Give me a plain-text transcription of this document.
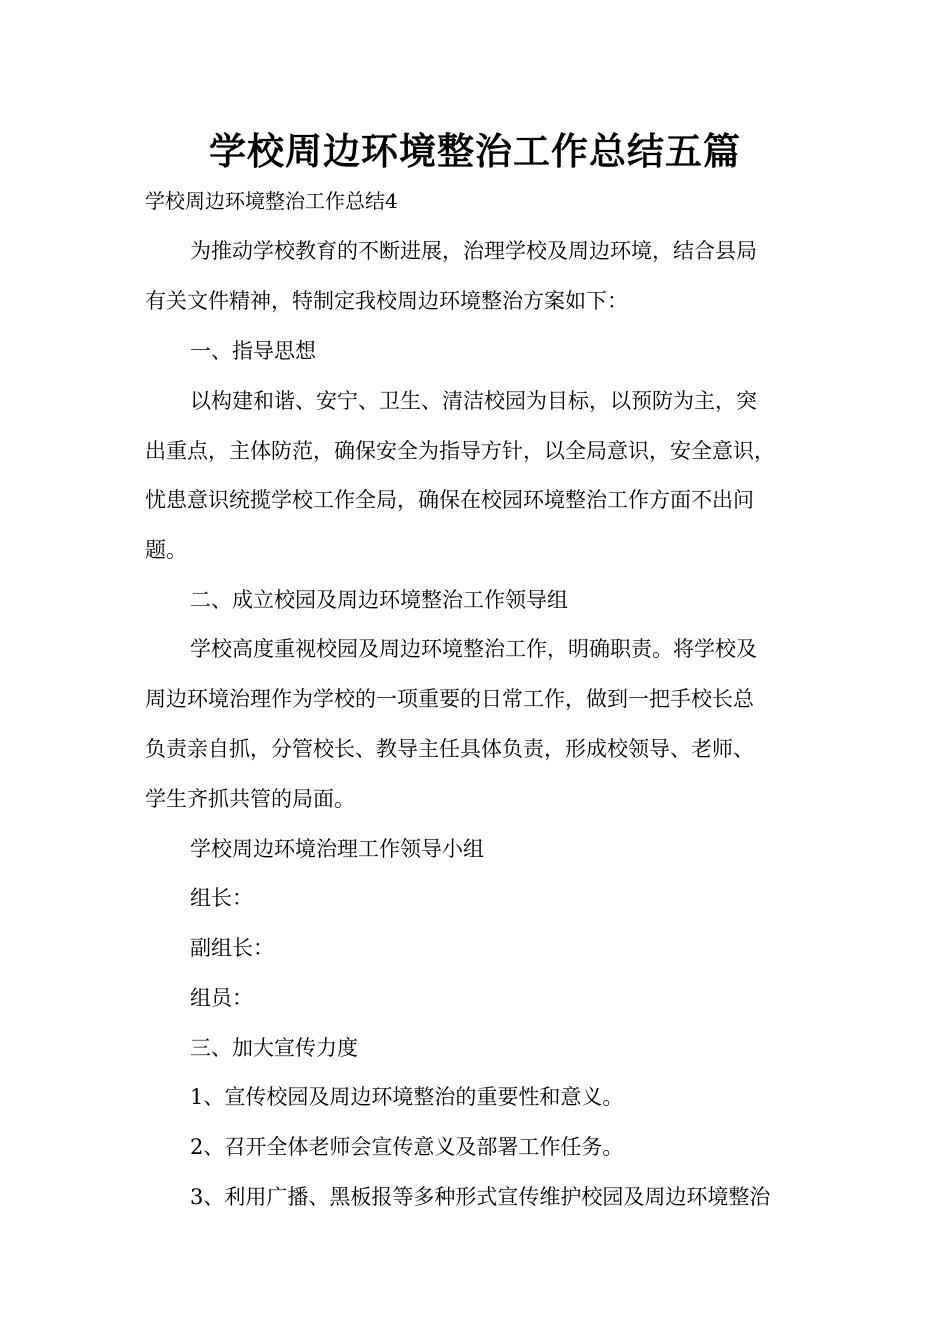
学校周边环境整治工作总结五篇
学校周边环境整治工作总结4
为推动学校教育的不断进展，治理学校及周边环境，结合县局
有关文件精神，特制定我校周边环境整治方案如下：
一、指导思想
以构建和谐、安宁、卫生、清洁校园为目标，以预防为主，突
出重点，主体防范，确保安全为指导方针，以全局意识，安全意识，
忧患意识统揽学校工作全局，确保在校园环境整治工作方面不出问
题。
二、成立校园及周边环境整治工作领导组
学校高度重视校园及周边环境整治工作，明确职责。将学校及
周边环境治理作为学校的一项重要的日常工作，做到一把手校长总
负责亲自抓，分管校长、教导主任具体负责，形成校领导、老师、
学生齐抓共管的局面。
学校周边环境治理工作领导小组
组长：
副组长：
组员：
三、加大宣传力度
1、宣传校园及周边环境整治的重要性和意义。
2、召开全体老师会宣传意义及部署工作任务。
3、利用广播、黑板报等多种形式宣传维护校园及周边环境整治
